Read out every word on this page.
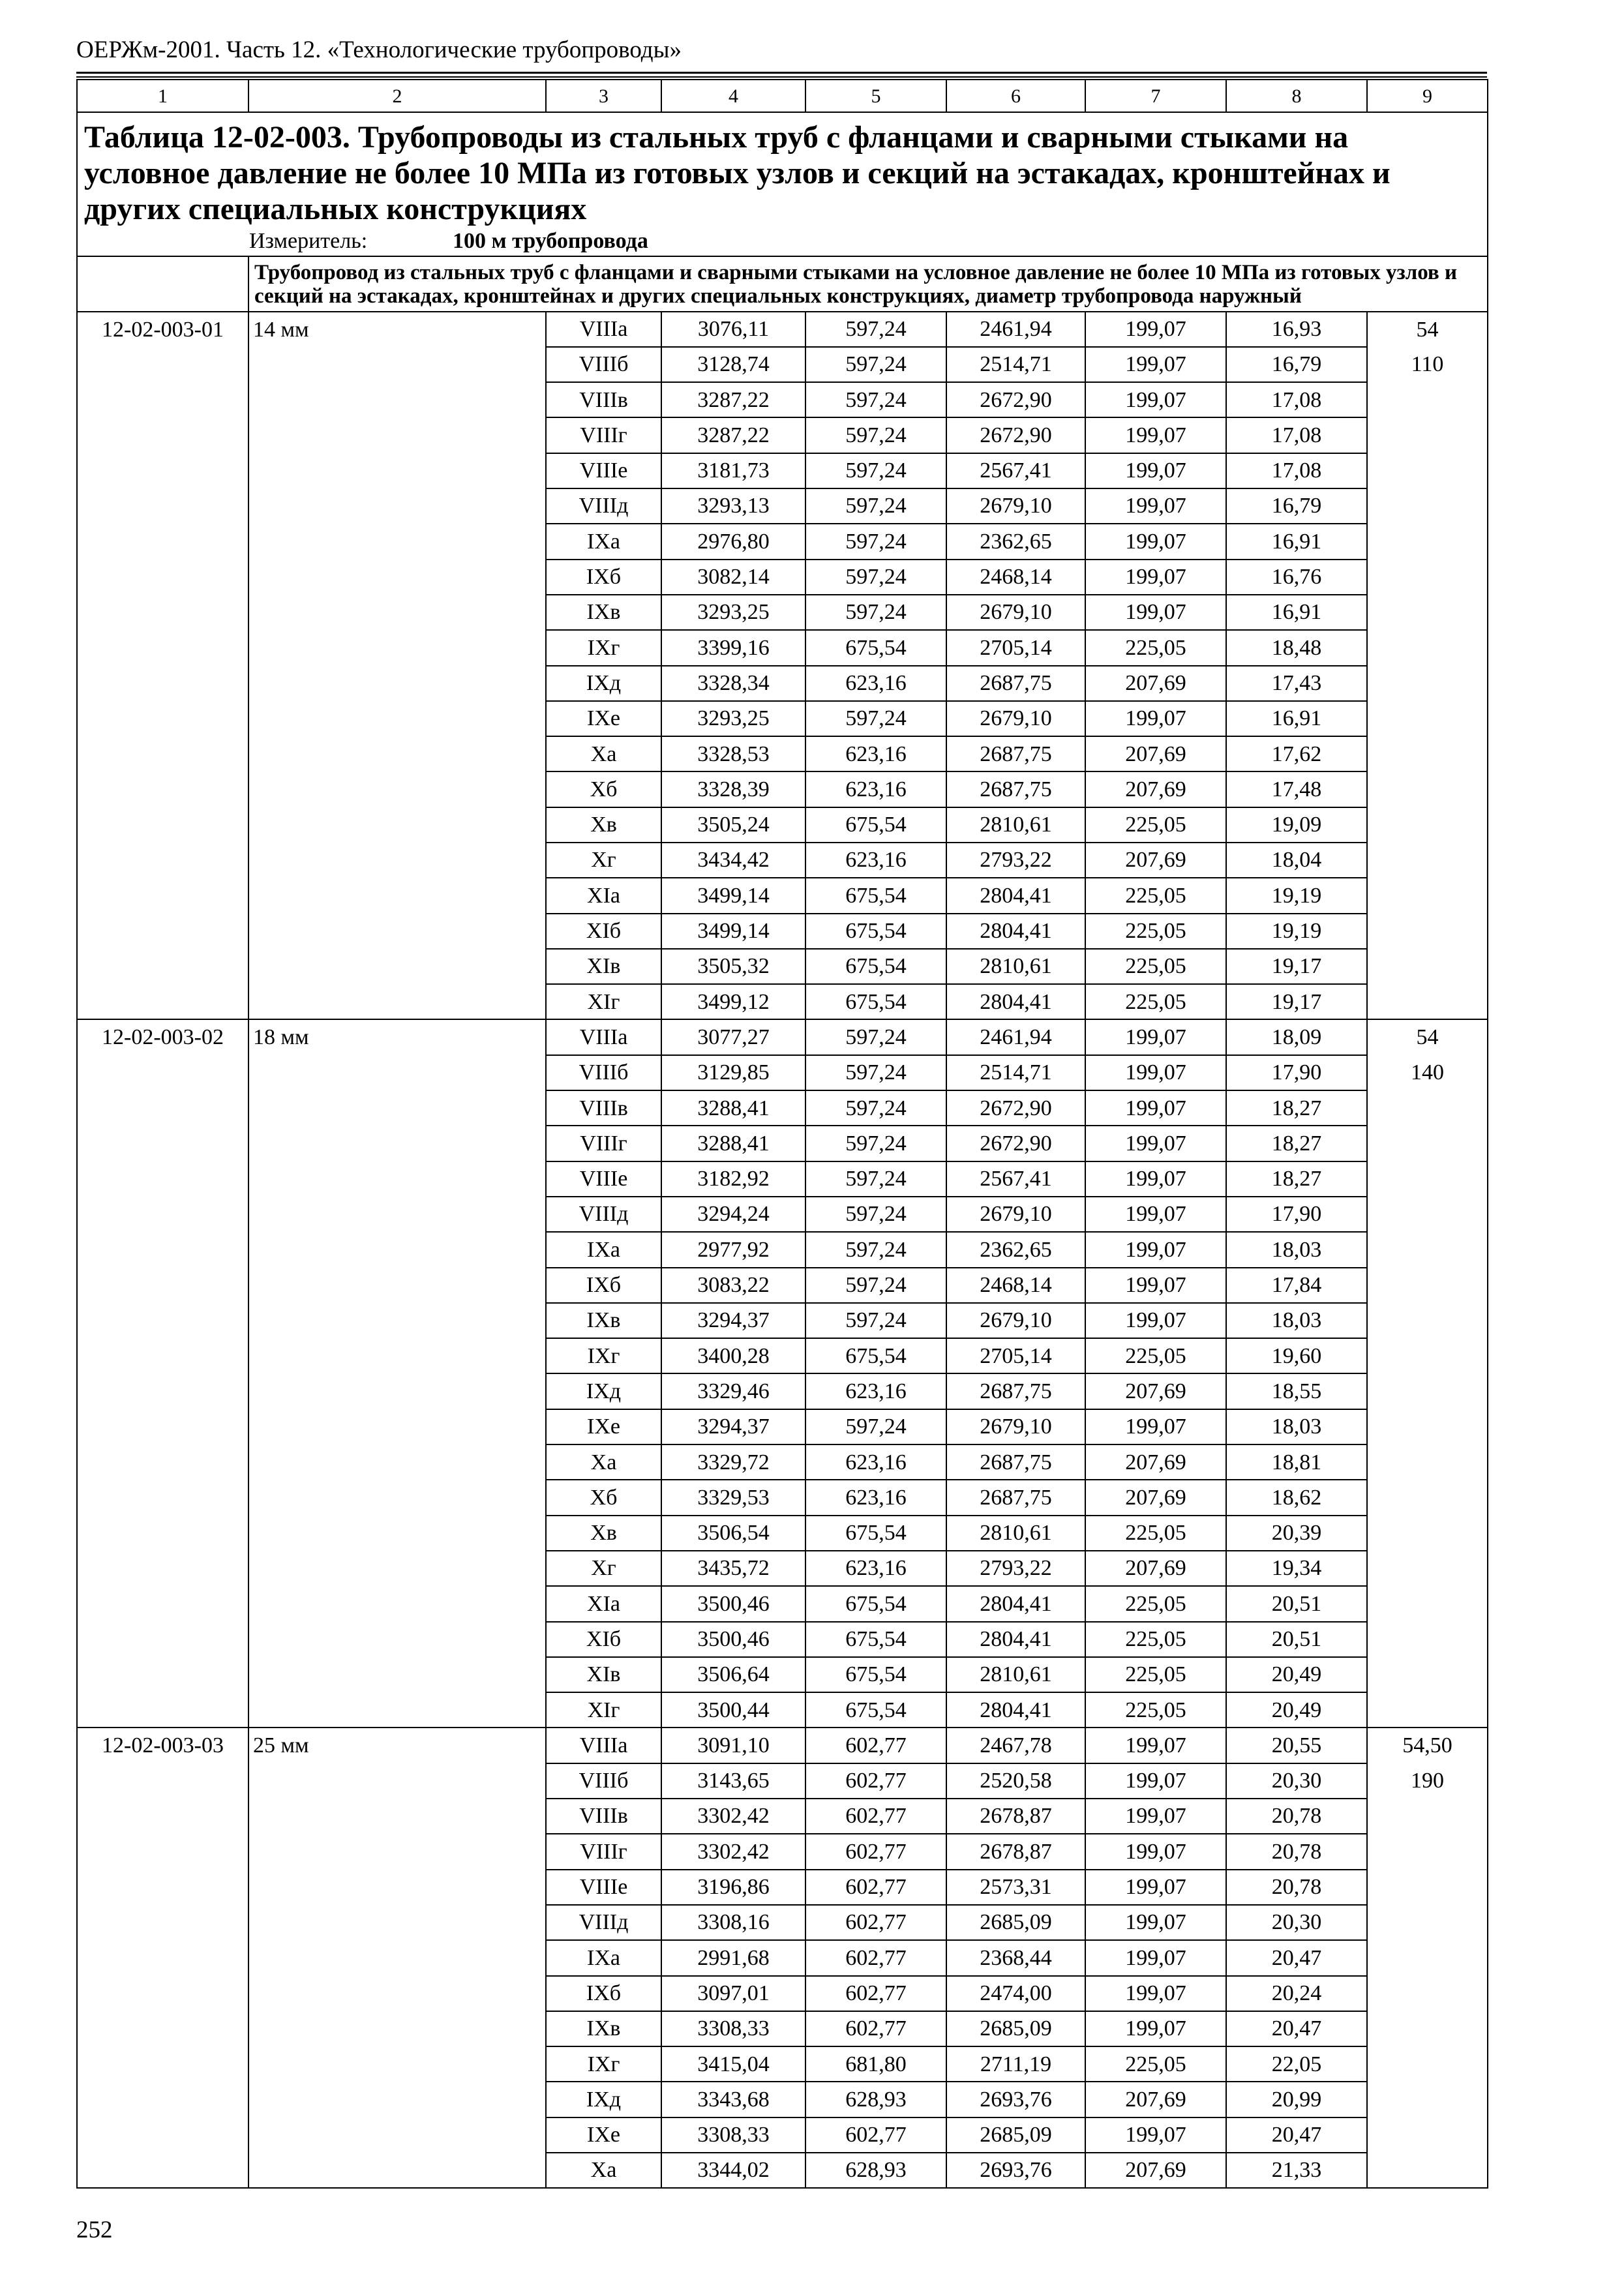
ОЕРЖм-2001. Часть 12. «Технологические трубопроводы»
1	2	3	4	5	6	7	8	9

Таблица 12-02-003. Трубопроводы из стальных труб с фланцами и сварными стыками на условное давление не более 10 МПа из готовых узлов и секций на эстакадах, кронштейнах и других специальных конструкциях
Измеритель: 100 м трубопровода								

	Трубопровод из стальных труб с фланцами и сварными стыками на условное давление не более 10 МПа из готовых узлов и секций на эстакадах, кронштейнах и других специальных конструкциях, диаметр трубопровода наружный							
12-02-003-01	14 мм	VIIIа	3076,11	597,24	2461,94	199,07	16,93	54
		VIIIб	3128,74	597,24	2514,71	199,07	16,79	110
		VIIIв	3287,22	597,24	2672,90	199,07	17,08	
		VIIIг	3287,22	597,24	2672,90	199,07	17,08	
		VIIIе	3181,73	597,24	2567,41	199,07	17,08	
		VIIIд	3293,13	597,24	2679,10	199,07	16,79	
		IXа	2976,80	597,24	2362,65	199,07	16,91	
		IXб	3082,14	597,24	2468,14	199,07	16,76	
		IXв	3293,25	597,24	2679,10	199,07	16,91	
		IXг	3399,16	675,54	2705,14	225,05	18,48	
		IXд	3328,34	623,16	2687,75	207,69	17,43	
		IXе	3293,25	597,24	2679,10	199,07	16,91	
		Xа	3328,53	623,16	2687,75	207,69	17,62	
		Xб	3328,39	623,16	2687,75	207,69	17,48	
		Xв	3505,24	675,54	2810,61	225,05	19,09	
		Xг	3434,42	623,16	2793,22	207,69	18,04	
		XIа	3499,14	675,54	2804,41	225,05	19,19	
		XIб	3499,14	675,54	2804,41	225,05	19,19	
		XIв	3505,32	675,54	2810,61	225,05	19,17	
		XIг	3499,12	675,54	2804,41	225,05	19,17	
12-02-003-02	18 мм	VIIIа	3077,27	597,24	2461,94	199,07	18,09	54
		VIIIб	3129,85	597,24	2514,71	199,07	17,90	140
		VIIIв	3288,41	597,24	2672,90	199,07	18,27	
		VIIIг	3288,41	597,24	2672,90	199,07	18,27	
		VIIIе	3182,92	597,24	2567,41	199,07	18,27	
		VIIIд	3294,24	597,24	2679,10	199,07	17,90	
		IXа	2977,92	597,24	2362,65	199,07	18,03	
		IXб	3083,22	597,24	2468,14	199,07	17,84	
		IXв	3294,37	597,24	2679,10	199,07	18,03	
		IXг	3400,28	675,54	2705,14	225,05	19,60	
		IXд	3329,46	623,16	2687,75	207,69	18,55	
		IXе	3294,37	597,24	2679,10	199,07	18,03	
		Xа	3329,72	623,16	2687,75	207,69	18,81	
		Xб	3329,53	623,16	2687,75	207,69	18,62	
		Xв	3506,54	675,54	2810,61	225,05	20,39	
		Xг	3435,72	623,16	2793,22	207,69	19,34	
		XIа	3500,46	675,54	2804,41	225,05	20,51	
		XIб	3500,46	675,54	2804,41	225,05	20,51	
		XIв	3506,64	675,54	2810,61	225,05	20,49	
		XIг	3500,44	675,54	2804,41	225,05	20,49	
12-02-003-03	25 мм	VIIIа	3091,10	602,77	2467,78	199,07	20,55	54,50
		VIIIб	3143,65	602,77	2520,58	199,07	20,30	190
		VIIIв	3302,42	602,77	2678,87	199,07	20,78	
		VIIIг	3302,42	602,77	2678,87	199,07	20,78	
		VIIIе	3196,86	602,77	2573,31	199,07	20,78	
		VIIIд	3308,16	602,77	2685,09	199,07	20,30	
		IXа	2991,68	602,77	2368,44	199,07	20,47	
		IXб	3097,01	602,77	2474,00	199,07	20,24	
		IXв	3308,33	602,77	2685,09	199,07	20,47	
		IXг	3415,04	681,80	2711,19	225,05	22,05	
		IXд	3343,68	628,93	2693,76	207,69	20,99	
		IXе	3308,33	602,77	2685,09	199,07	20,47	
		Xа	3344,02	628,93	2693,76	207,69	21,33	
252
